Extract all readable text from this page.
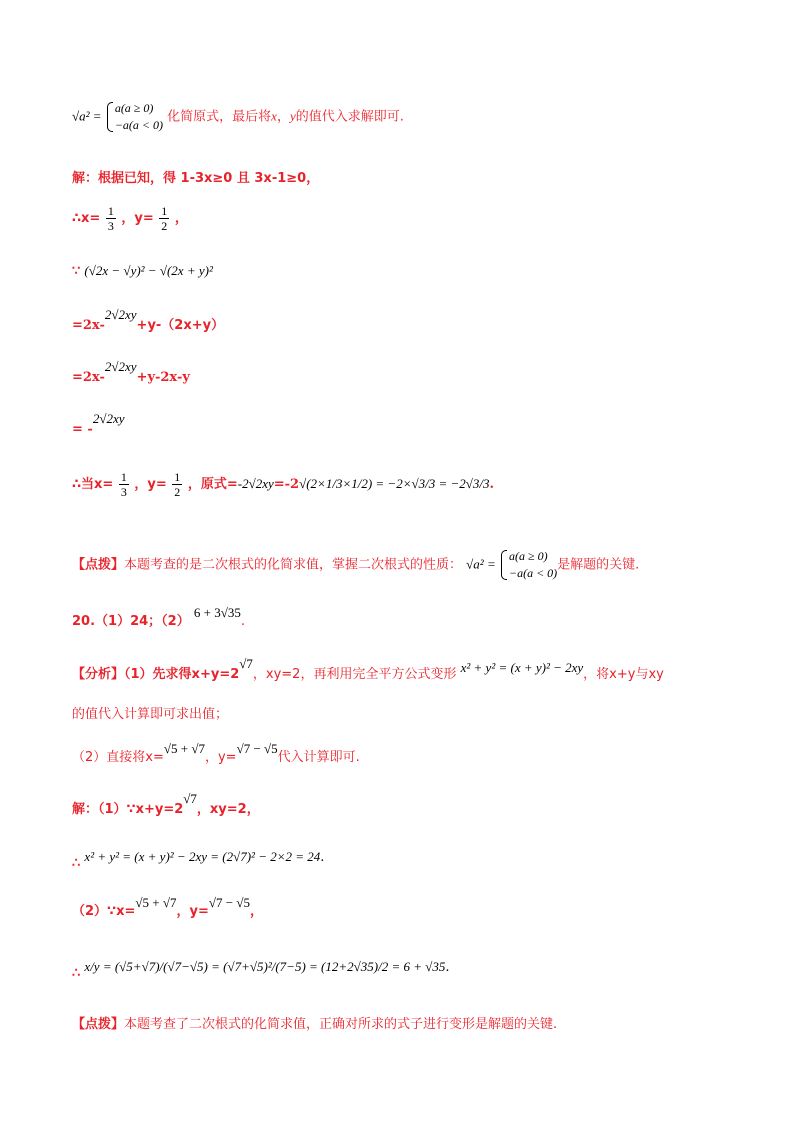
√a² =
a(a ≥ 0)
−a(a < 0)
化简原式，最后将x，y的值代入求解即可.
解：根据已知，得 1-3x≥0 且 3x-1≥0，
∴x= $\frac{1}{3}$ ，$y= \frac{1}{2}$ ，
∵ (√2x − √y)² − √(2x + y)²
=2x-2√2xy+y-（2x+y）
=2x-2√2xy+y-2x-y
= -2√2xy
∴当$x= \frac{1}{3}$ ，$y= \frac{1}{2}$ ，原式=-2√2xy=-2√(2×1/3×1/2) = −2×√3/3 = −2√3/3.
【点拨】本题考查的是二次根式的化简求值，掌握二次根式的性质： √a² =
a(a ≥ 0)
−a(a < 0)
是解题的关键.
20.（1）24；（2） 6 + 3√35.
【分析】（1）先求得x+y=2√7，xy=2，再利用完全平方公式变形 x² + y² = (x + y)² − 2xy，将x+y与xy
的值代入计算即可求出值；
（2）直接将x=√5 + √7，y=√7 − √5代入计算即可.
解：（1）∵x+y=2√7，xy=2，
∴ x² + y² = (x + y)² − 2xy = (2√7)² − 2×2 = 24.
（2）∵x=√5 + √7，y=√7 − √5，
∴ x/y = (√5+√7)/(√7−√5) = (√7+√5)²/(7−5) = (12+2√35)/2 = 6 + √35.
【点拨】本题考查了二次根式的化简求值，正确对所求的式子进行变形是解题的关键.
